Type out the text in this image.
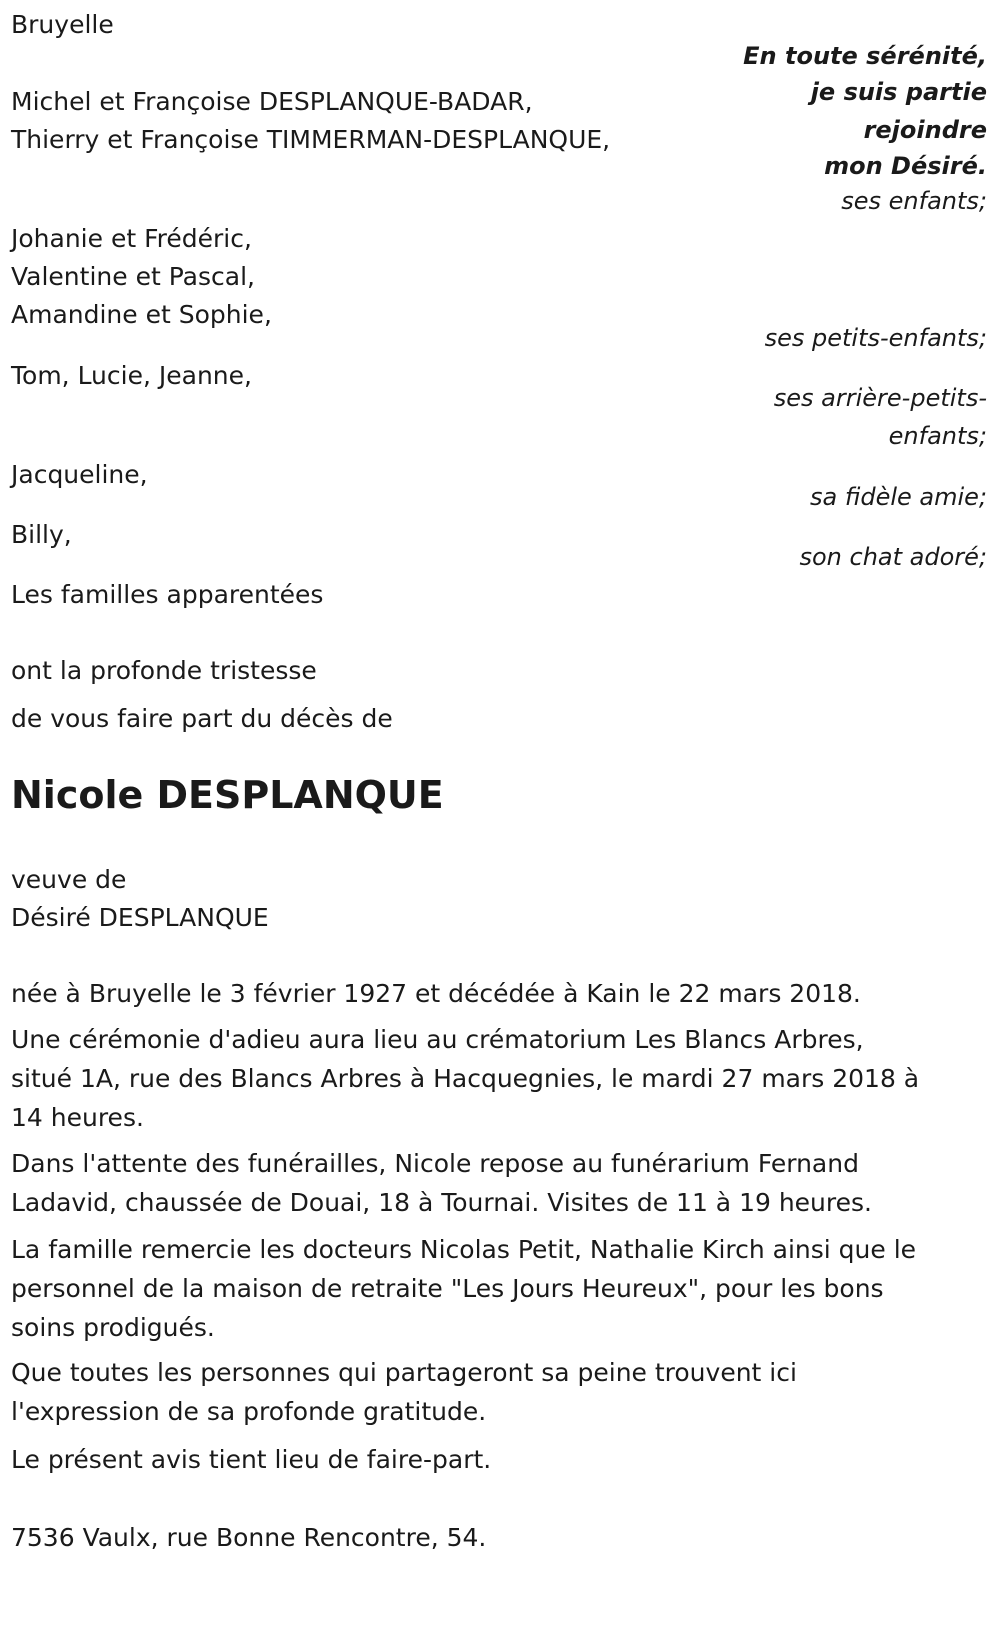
Bruyelle
En toute sérénité,
je suis partie
rejoindre
mon Désiré.
Michel et Françoise DESPLANQUE-BADAR,
Thierry et Françoise TIMMERMAN-DESPLANQUE,
ses enfants;
Johanie et Frédéric,
Valentine et Pascal,
Amandine et Sophie,
ses petits-enfants;
Tom, Lucie, Jeanne,
ses arrière-petits-
enfants;
Jacqueline,
sa fidèle amie;
Billy,
son chat adoré;
Les familles apparentées
ont la profonde tristesse
de vous faire part du décès de
Nicole DESPLANQUE
veuve de
Désiré DESPLANQUE
née à Bruyelle le 3 février 1927 et décédée à Kain le 22 mars 2018.
Une cérémonie d'adieu aura lieu au crématorium Les Blancs Arbres,
situé 1A, rue des Blancs Arbres à Hacquegnies, le mardi 27 mars 2018 à
14 heures.
Dans l'attente des funérailles, Nicole repose au funérarium Fernand
Ladavid, chaussée de Douai, 18 à Tournai. Visites de 11 à 19 heures.
La famille remercie les docteurs Nicolas Petit, Nathalie Kirch ainsi que le
personnel de la maison de retraite "Les Jours Heureux", pour les bons
soins prodigués.
Que toutes les personnes qui partageront sa peine trouvent ici
l'expression de sa profonde gratitude.
Le présent avis tient lieu de faire-part.
7536 Vaulx, rue Bonne Rencontre, 54.
